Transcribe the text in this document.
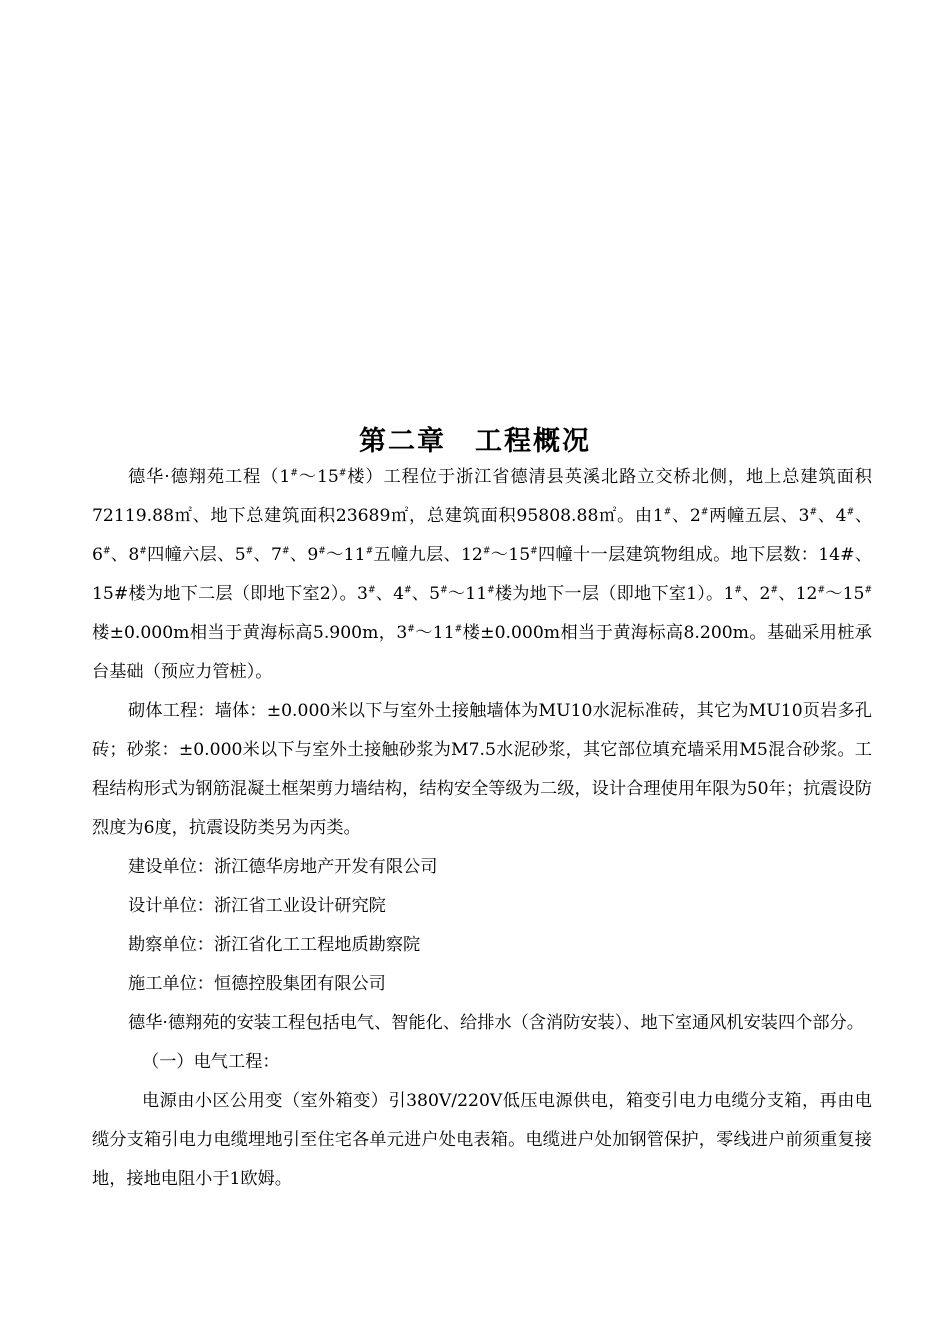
第二章　工程概况

德华·德翔苑工程（1#～15#楼）工程位于浙江省德清县英溪北路立交桥北侧，地上总建筑面积72119.88㎡、地下总建筑面积23689㎡，总建筑面积95808.88㎡。由1#、2#两幢五层、3#、4#、6#、8#四幢六层、5#、7#、9#～11#五幢九层、12#～15#四幢十一层建筑物组成。地下层数：14#、15#楼为地下二层（即地下室2）。3#、4#、5#～11#楼为地下一层（即地下室1）。1#、2#、12#～15#楼±0.000m相当于黄海标高5.900m，3#～11#楼±0.000m相当于黄海标高8.200m。基础采用桩承台基础（预应力管桩）。

砌体工程：墙体：±0.000米以下与室外土接触墙体为MU10水泥标准砖，其它为MU10页岩多孔砖；砂浆：±0.000米以下与室外土接触砂浆为M7.5水泥砂浆，其它部位填充墙采用M5混合砂浆。工程结构形式为钢筋混凝土框架剪力墙结构，结构安全等级为二级，设计合理使用年限为50年；抗震设防烈度为6度，抗震设防类另为丙类。

建设单位：浙江德华房地产开发有限公司

设计单位：浙江省工业设计研究院

勘察单位：浙江省化工工程地质勘察院

施工单位：恒德控股集团有限公司

德华·德翔苑的安装工程包括电气、智能化、给排水（含消防安装）、地下室通风机安装四个部分。

（一）电气工程：

电源由小区公用变（室外箱变）引380V/220V低压电源供电，箱变引电力电缆分支箱，再由电缆分支箱引电力电缆埋地引至住宅各单元进户处电表箱。电缆进户处加钢管保护，零线进户前须重复接地，接地电阻小于1欧姆。
